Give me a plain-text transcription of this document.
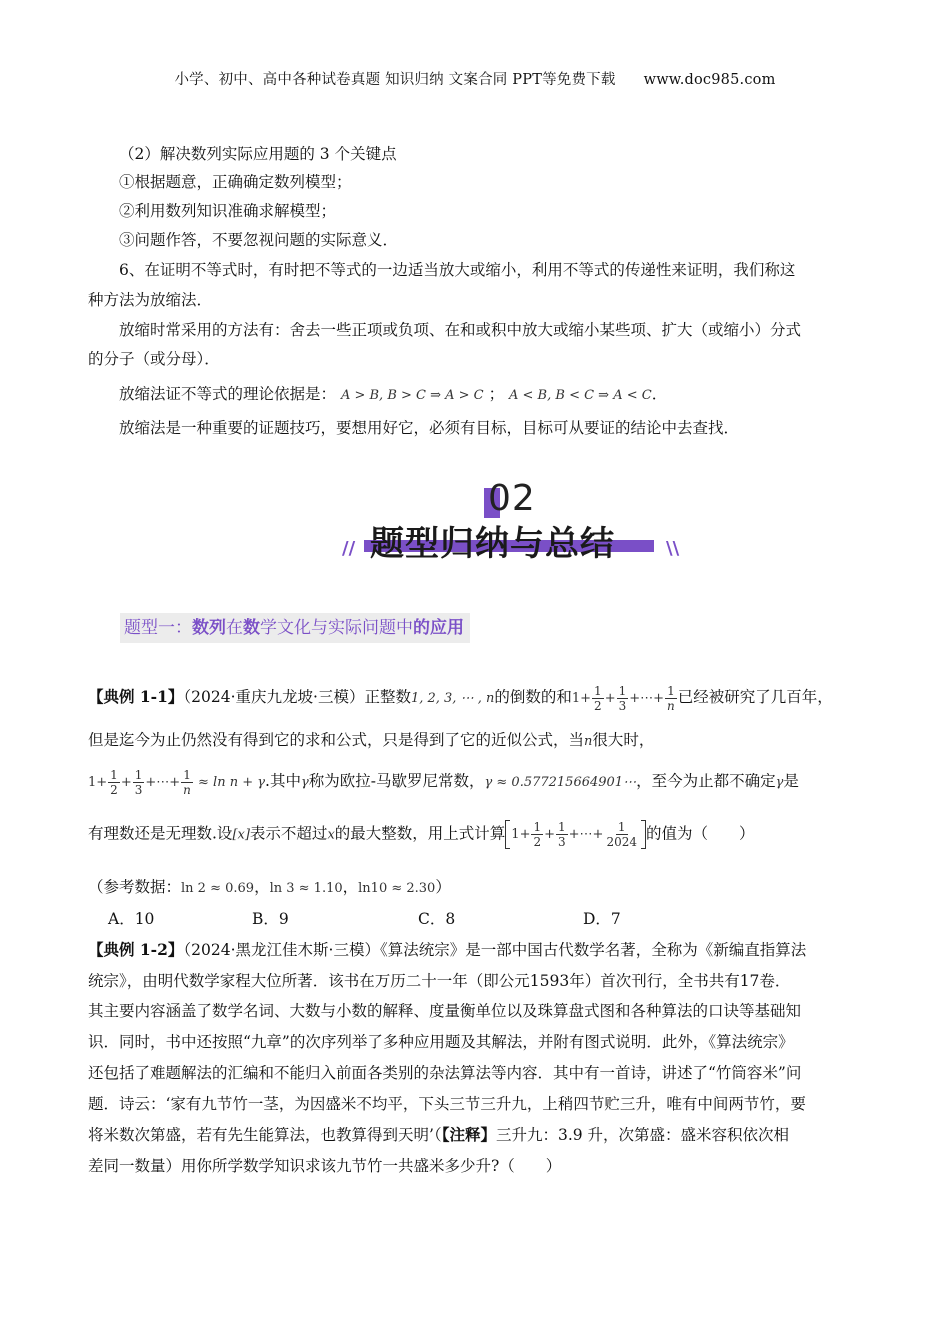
小学、初中、高中各种试卷真题 知识归纳 文案合同 PPT等免费下载 www.doc985.com
（2）解决数列实际应用题的 3 个关键点
①根据题意，正确确定数列模型；
②利用数列知识准确求解模型；
③问题作答，不要忽视问题的实际意义．
6、在证明不等式时，有时把不等式的一边适当放大或缩小，利用不等式的传递性来证明，我们称这
种方法为放缩法．
放缩时常采用的方法有：舍去一些正项或负项、在和或积中放大或缩小某些项、扩大（或缩小）分式
的分子（或分母）．
放缩法证不等式的理论依据是： A > B, B > C ⇒ A > C ； A < B, B < C ⇒ A < C．
放缩法是一种重要的证题技巧，要想用好它，必须有目标，目标可从要证的结论中去查找．
02
题型归纳与总结
//	\\
题型一：数列在数学文化与实际问题中的应用
【典例 1-1】（2024·重庆九龙坡·三模）正整数1, 2, 3, ⋯ , n的倒数的和$1+ \frac{1}{2} + \frac{1}{3}$ +⋯+ $\frac{1}{n}$ 已经被研究了几百年，
但是迄今为止仍然没有得到它的求和公式，只是得到了它的近似公式，当n很大时，
$1+ \frac{1}{2} + \frac{1}{3}$ +⋯+ $\frac{1}{n} \approx \ln n + \gamma$.其中γ称为欧拉-马歇罗尼常数，γ ≈ 0.577215664901⋯，至今为止都不确定γ是
有理数还是无理数.设[x]表示不超过x的最大整数，用上式计算 $1+ \frac{1}{2} + \frac{1}{3}$ +⋯+ $\frac{1}{2024}$ 的值为（　　）
（参考数据：ln 2 ≈ 0.69，ln 3 ≈ 1.10，ln10 ≈ 2.30）
A．10	B．9	C．8	D．7
【典例 1-2】（2024·黑龙江佳木斯·三模）《算法统宗》是一部中国古代数学名著，全称为《新编直指算法
统宗》，由明代数学家程大位所著．该书在万历二十一年（即公元1593年）首次刊行，全书共有17卷．
其主要内容涵盖了数学名词、大数与小数的解释、度量衡单位以及珠算盘式图和各种算法的口诀等基础知
识．同时，书中还按照“九章”的次序列举了多种应用题及其解法，并附有图式说明．此外，《算法统宗》
还包括了难题解法的汇编和不能归入前面各类别的杂法算法等内容．其中有一首诗，讲述了“竹筒容米”问
题．诗云：‘家有九节竹一茎，为因盛米不均平，下头三节三升九，上稍四节贮三升，唯有中间两节竹，要
将米数次第盛，若有先生能算法，也教算得到天明’（【注释】三升九：3.9 升，次第盛：盛米容积依次相
差同一数量）用你所学数学知识求该九节竹一共盛米多少升?（　　）
